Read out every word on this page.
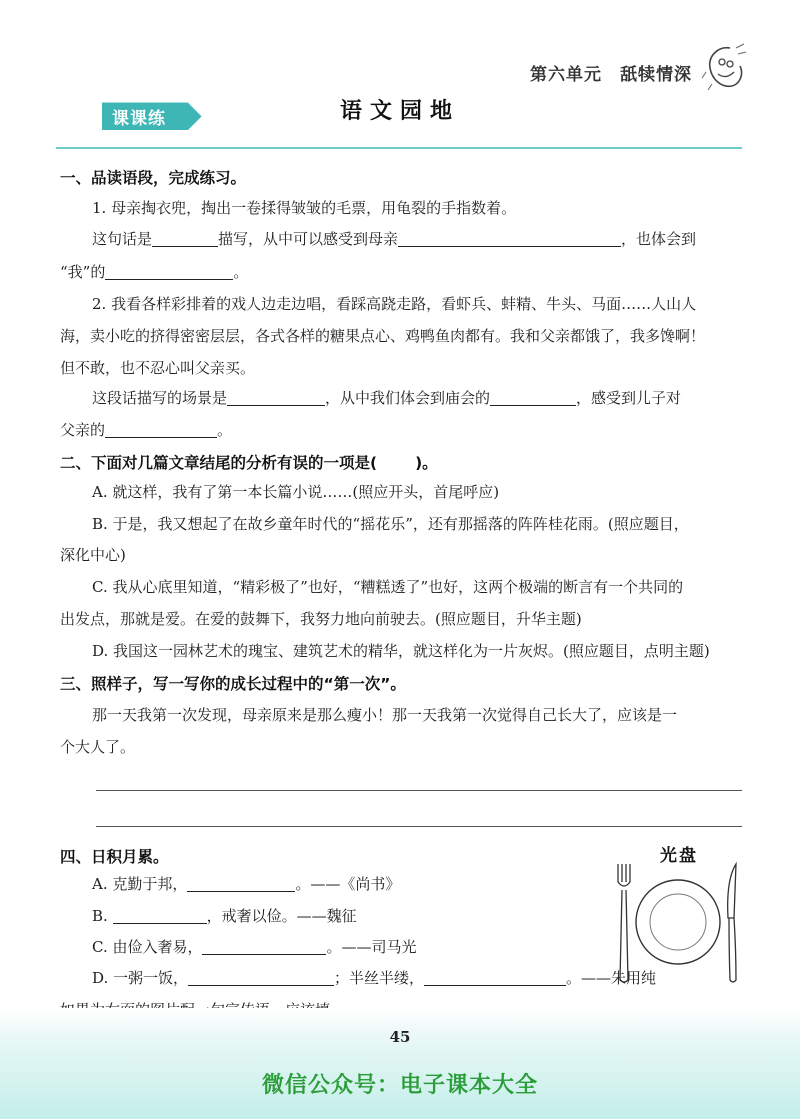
第六单元　舐犊情深
课课练	语文园地
一、品读语段，完成练习。
1. 母亲掏衣兜，掏出一卷揉得皱皱的毛票，用龟裂的手指数着。
这句话是	描写，从中可以感受到母亲	，也体会到
“我”的	。
2. 我看各样彩排着的戏人边走边唱，看踩高跷走路，看虾兵、蚌精、牛头、马面……人山人
海，卖小吃的挤得密密层层，各式各样的糖果点心、鸡鸭鱼肉都有。我和父亲都饿了，我多馋啊！
但不敢，也不忍心叫父亲买。
这段话描写的场景是	，从中我们体会到庙会的	，感受到儿子对
父亲的	。
二、下面对几篇文章结尾的分析有误的一项是( )。
A. 就这样，我有了第一本长篇小说……(照应开头，首尾呼应)
B. 于是，我又想起了在故乡童年时代的“摇花乐”，还有那摇落的阵阵桂花雨。(照应题目，
深化中心)
C. 我从心底里知道，“精彩极了”也好，“糟糕透了”也好，这两个极端的断言有一个共同的
出发点，那就是爱。在爱的鼓舞下，我努力地向前驶去。(照应题目，升华主题)
D. 我国这一园林艺术的瑰宝、建筑艺术的精华，就这样化为一片灰烬。(照应题目，点明主题)
三、照样子，写一写你的成长过程中的“第一次”。
那一天我第一次发现，母亲原来是那么瘦小！那一天我第一次觉得自己长大了，应该是一
个大人了。
四、日积月累。
A. 克勤于邦，	。——《尚书》
B.	，戒奢以俭。——魏征
C. 由俭入奢易，	。——司马光
D. 一粥一饭，	；半丝半缕，	。——朱用纯
光盘
45
微信公众号：电子课本大全
